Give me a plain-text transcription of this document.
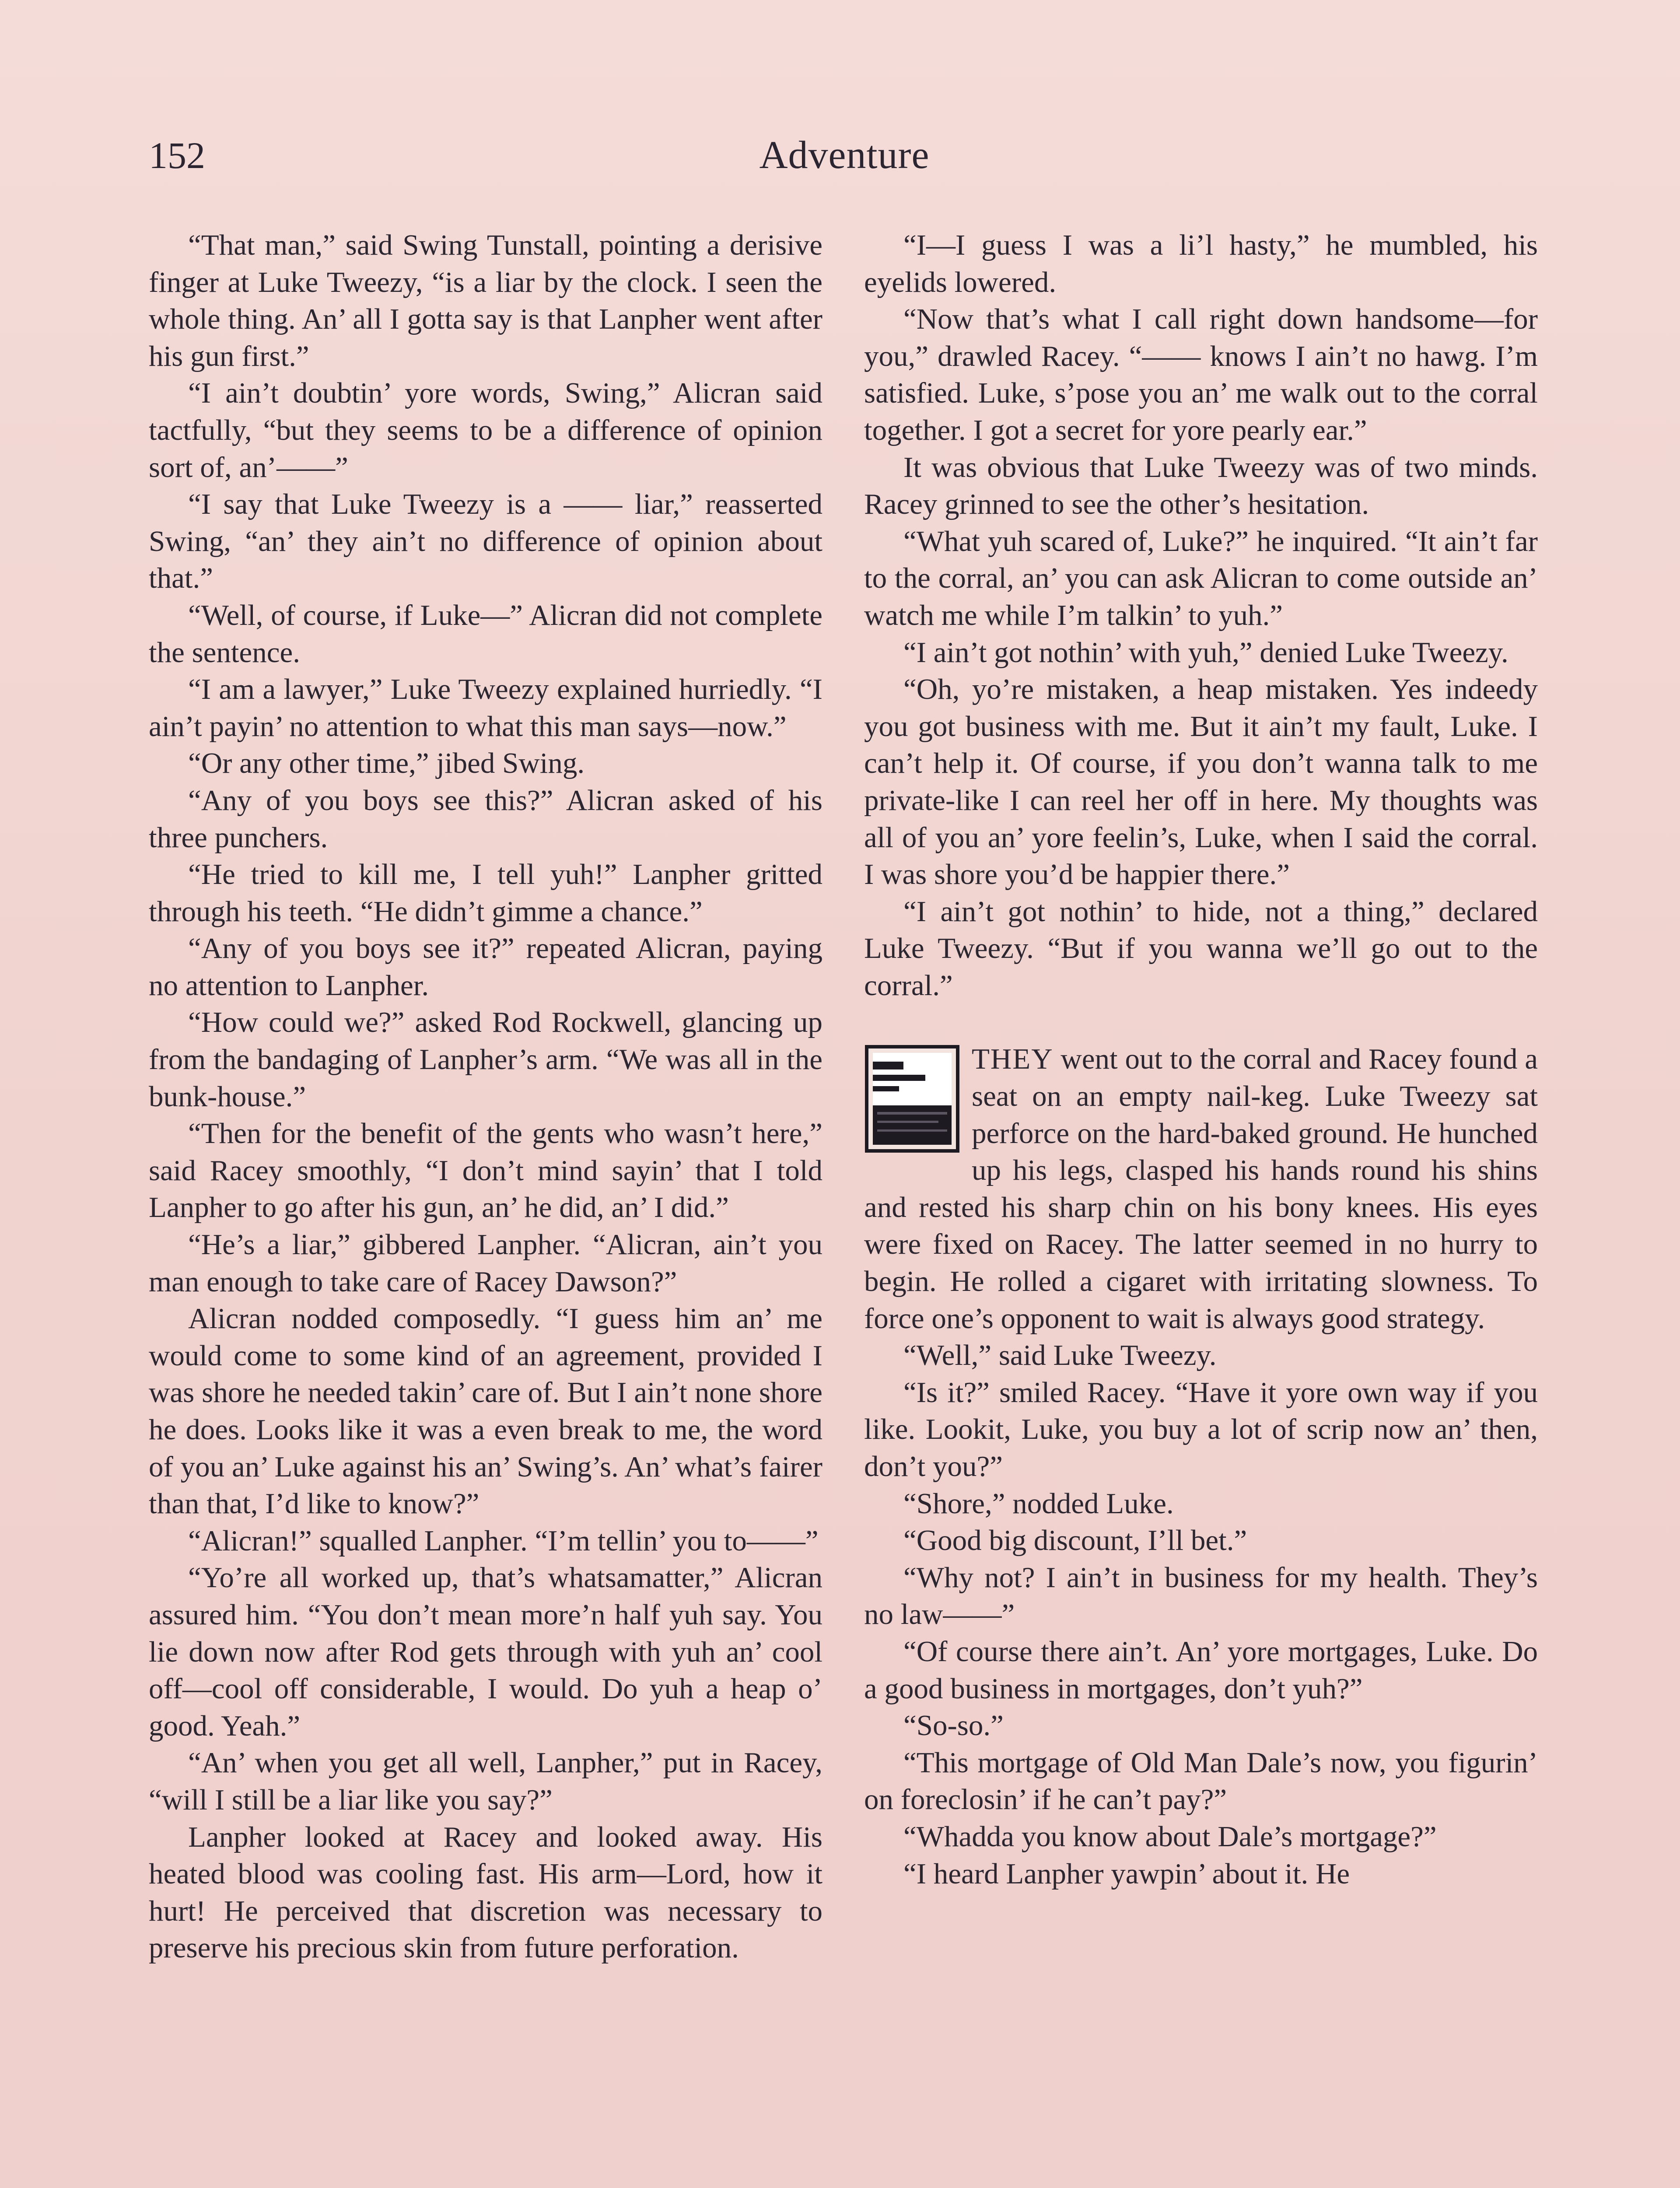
152	Adventure

“That man,” said Swing Tunstall, pointing a derisive finger at Luke Tweezy, “is a liar by the clock. I seen the whole thing. An’ all I gotta say is that Lanpher went after his gun first.”

“I ain’t doubtin’ yore words, Swing,” Alicran said tactfully, “but they seems to be a difference of opinion sort of, an’——”

“I say that Luke Tweezy is a —— liar,” reasserted Swing, “an’ they ain’t no difference of opinion about that.”

“Well, of course, if Luke—” Alicran did not complete the sentence.

“I am a lawyer,” Luke Tweezy explained hurriedly. “I ain’t payin’ no attention to what this man says—now.”

“Or any other time,” jibed Swing.

“Any of you boys see this?” Alicran asked of his three punchers.

“He tried to kill me, I tell yuh!” Lanpher gritted through his teeth. “He didn’t gimme a chance.”

“Any of you boys see it?” repeated Alicran, paying no attention to Lanpher.

“How could we?” asked Rod Rockwell, glancing up from the bandaging of Lanpher’s arm. “We was all in the bunk-house.”

“Then for the benefit of the gents who wasn’t here,” said Racey smoothly, “I don’t mind sayin’ that I told Lanpher to go after his gun, an’ he did, an’ I did.”

“He’s a liar,” gibbered Lanpher. “Alicran, ain’t you man enough to take care of Racey Dawson?”

Alicran nodded composedly. “I guess him an’ me would come to some kind of an agreement, provided I was shore he needed takin’ care of. But I ain’t none shore he does. Looks like it was a even break to me, the word of you an’ Luke against his an’ Swing’s. An’ what’s fairer than that, I’d like to know?”

“Alicran!” squalled Lanpher. “I’m tellin’ you to——”

“Yo’re all worked up, that’s whatsamatter,” Alicran assured him. “You don’t mean more’n half yuh say. You lie down now after Rod gets through with yuh an’ cool off—cool off considerable, I would. Do yuh a heap o’ good. Yeah.”

“An’ when you get all well, Lanpher,” put in Racey, “will I still be a liar like you say?”

Lanpher looked at Racey and looked away. His heated blood was cooling fast. His arm—Lord, how it hurt! He perceived that discretion was necessary to preserve his precious skin from future perforation.

“I—I guess I was a li’l hasty,” he mumbled, his eyelids lowered.

“Now that’s what I call right down handsome—for you,” drawled Racey. “—— knows I ain’t no hawg. I’m satisfied. Luke, s’pose you an’ me walk out to the corral together. I got a secret for yore pearly ear.”

It was obvious that Luke Tweezy was of two minds. Racey grinned to see the other’s hesitation.

“What yuh scared of, Luke?” he inquired. “It ain’t far to the corral, an’ you can ask Alicran to come outside an’ watch me while I’m talkin’ to yuh.”

“I ain’t got nothin’ with yuh,” denied Luke Tweezy.

“Oh, yo’re mistaken, a heap mistaken. Yes indeedy you got business with me. But it ain’t my fault, Luke. I can’t help it. Of course, if you don’t wanna talk to me private-like I can reel her off in here. My thoughts was all of you an’ yore feelin’s, Luke, when I said the corral. I was shore you’d be happier there.”

“I ain’t got nothin’ to hide, not a thing,” declared Luke Tweezy. “But if you wanna we’ll go out to the corral.”

THEY went out to the corral and Racey found a seat on an empty nail-keg. Luke Tweezy sat perforce on the hard-baked ground. He hunched up his legs, clasped his hands round his shins and rested his sharp chin on his bony knees. His eyes were fixed on Racey. The latter seemed in no hurry to begin. He rolled a cigaret with irritating slowness. To force one’s opponent to wait is always good strategy.

“Well,” said Luke Tweezy.

“Is it?” smiled Racey. “Have it yore own way if you like. Lookit, Luke, you buy a lot of scrip now an’ then, don’t you?”

“Shore,” nodded Luke.

“Good big discount, I’ll bet.”

“Why not? I ain’t in business for my health. They’s no law——”

“Of course there ain’t. An’ yore mortgages, Luke. Do a good business in mortgages, don’t yuh?”

“So-so.”

“This mortgage of Old Man Dale’s now, you figurin’ on foreclosin’ if he can’t pay?”

“Whadda you know about Dale’s mortgage?”

“I heard Lanpher yawpin’ about it. He
